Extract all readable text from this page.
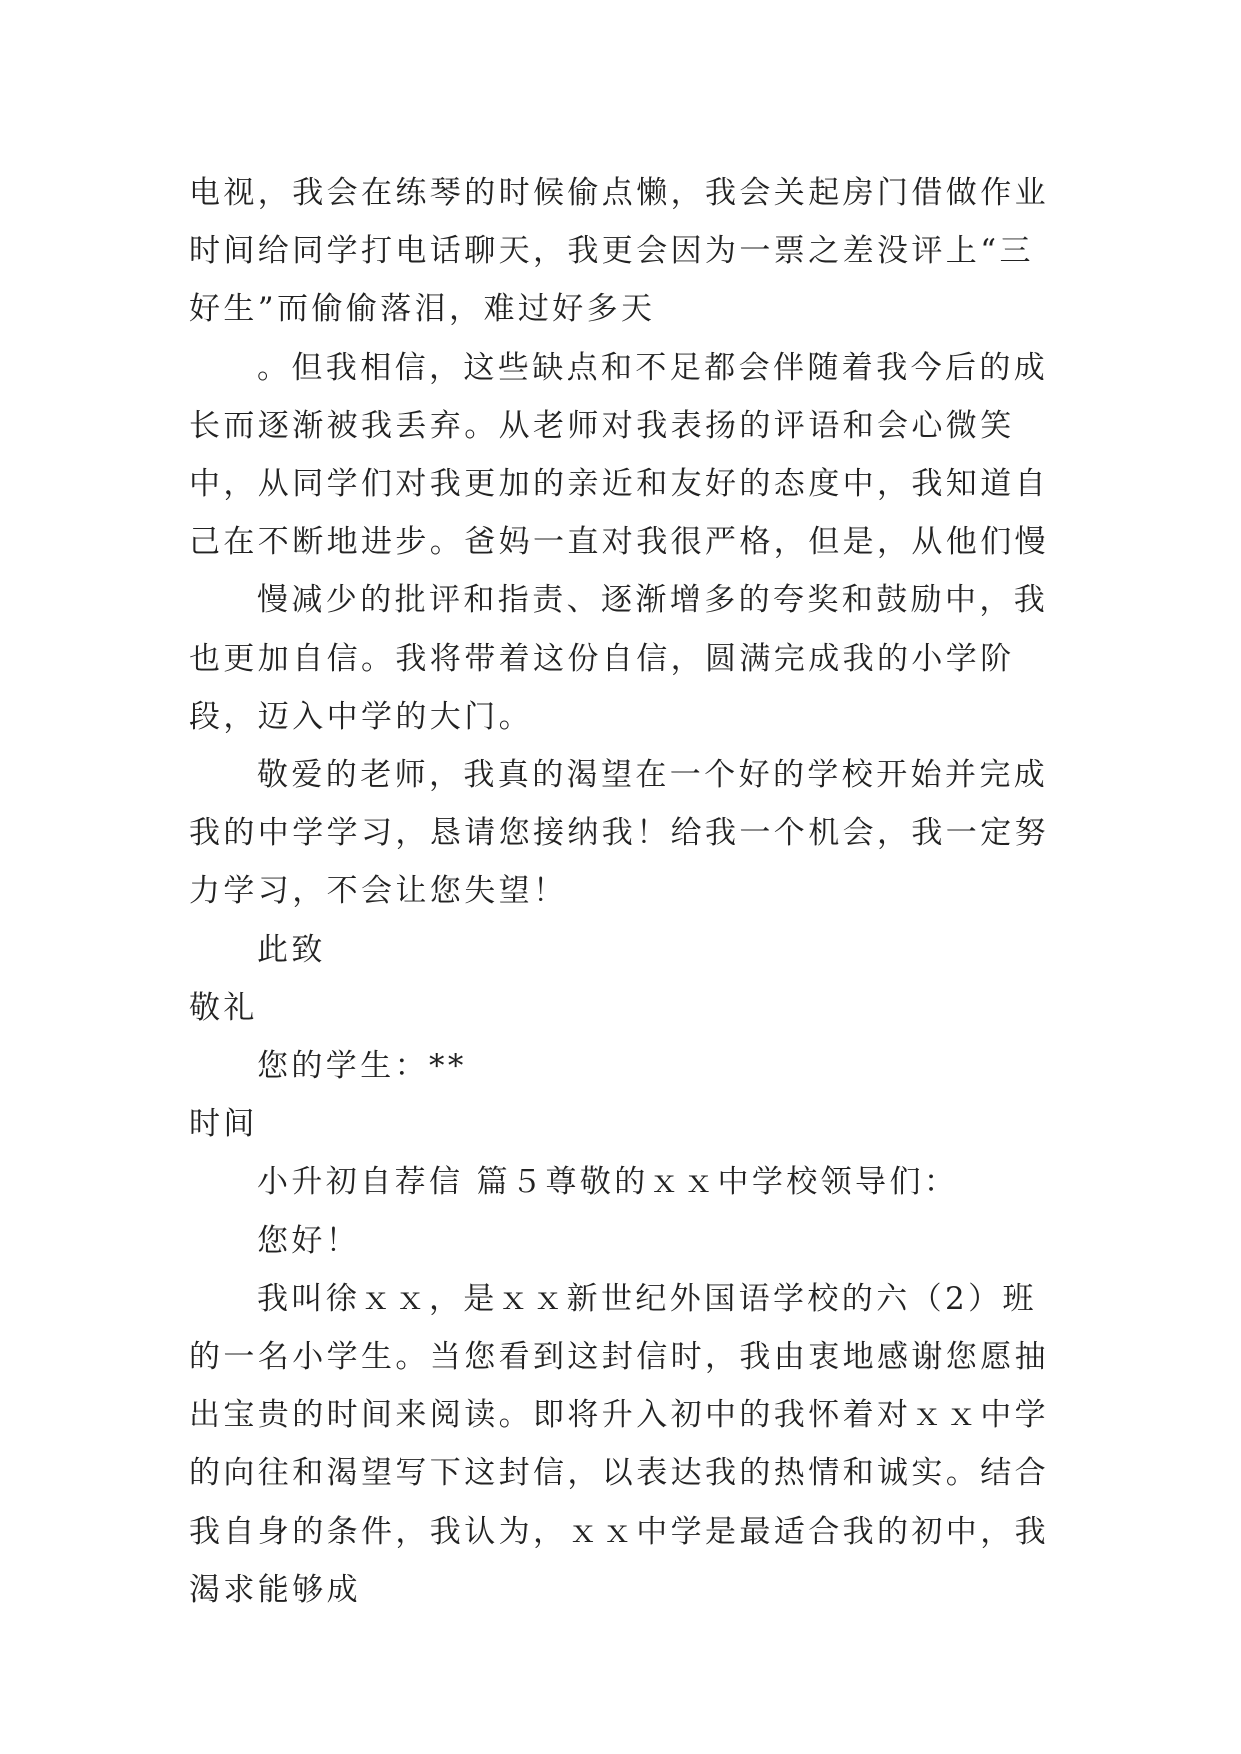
电视，我会在练琴的时候偷点懒，我会关起房门借做作业时间给同学打电话聊天，我更会因为一票之差没评上“三好生”而偷偷落泪，难过好多天

。但我相信，这些缺点和不足都会伴随着我今后的成长而逐渐被我丢弃。从老师对我表扬的评语和会心微笑中，从同学们对我更加的亲近和友好的态度中，我知道自己在不断地进步。爸妈一直对我很严格，但是，从他们慢

慢减少的批评和指责、逐渐增多的夸奖和鼓励中，我也更加自信。我将带着这份自信，圆满完成我的小学阶段，迈入中学的大门。

敬爱的老师，我真的渴望在一个好的学校开始并完成我的中学学习，恳请您接纳我！给我一个机会，我一定努力学习，不会让您失望！

此致

敬礼

您的学生：**

时间

小升初自荐信 篇５尊敬的ｘｘ中学校领导们：

您好！

我叫徐ｘｘ，是ｘｘ新世纪外国语学校的六（2）班的一名小学生。当您看到这封信时，我由衷地感谢您愿抽出宝贵的时间来阅读。即将升入初中的我怀着对ｘｘ中学的向往和渴望写下这封信，以表达我的热情和诚实。结合我自身的条件，我认为，ｘｘ中学是最适合我的初中，我渴求能够成
